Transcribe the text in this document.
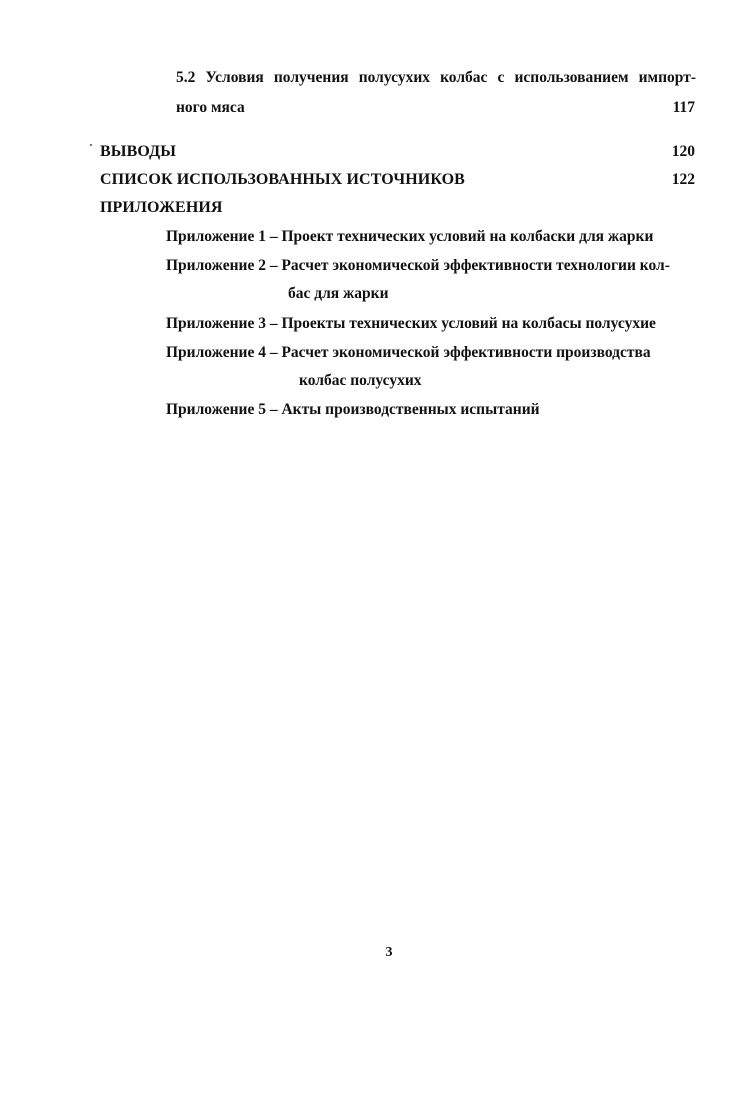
5.2 Условия получения полусухих колбас с использованием импорт-
ного мяса	117
ВЫВОДЫ	120
СПИСОК ИСПОЛЬЗОВАННЫХ ИСТОЧНИКОВ	122
ПРИЛОЖЕНИЯ
Приложение 1 – Проект технических условий на колбаски для жарки
Приложение 2 – Расчет экономической эффективности технологии кол-
бас для жарки
Приложение 3 – Проекты технических условий на колбасы полусухие
Приложение 4 – Расчет экономической эффективности производства
колбас полусухих
Приложение 5 – Акты производственных испытаний
3
